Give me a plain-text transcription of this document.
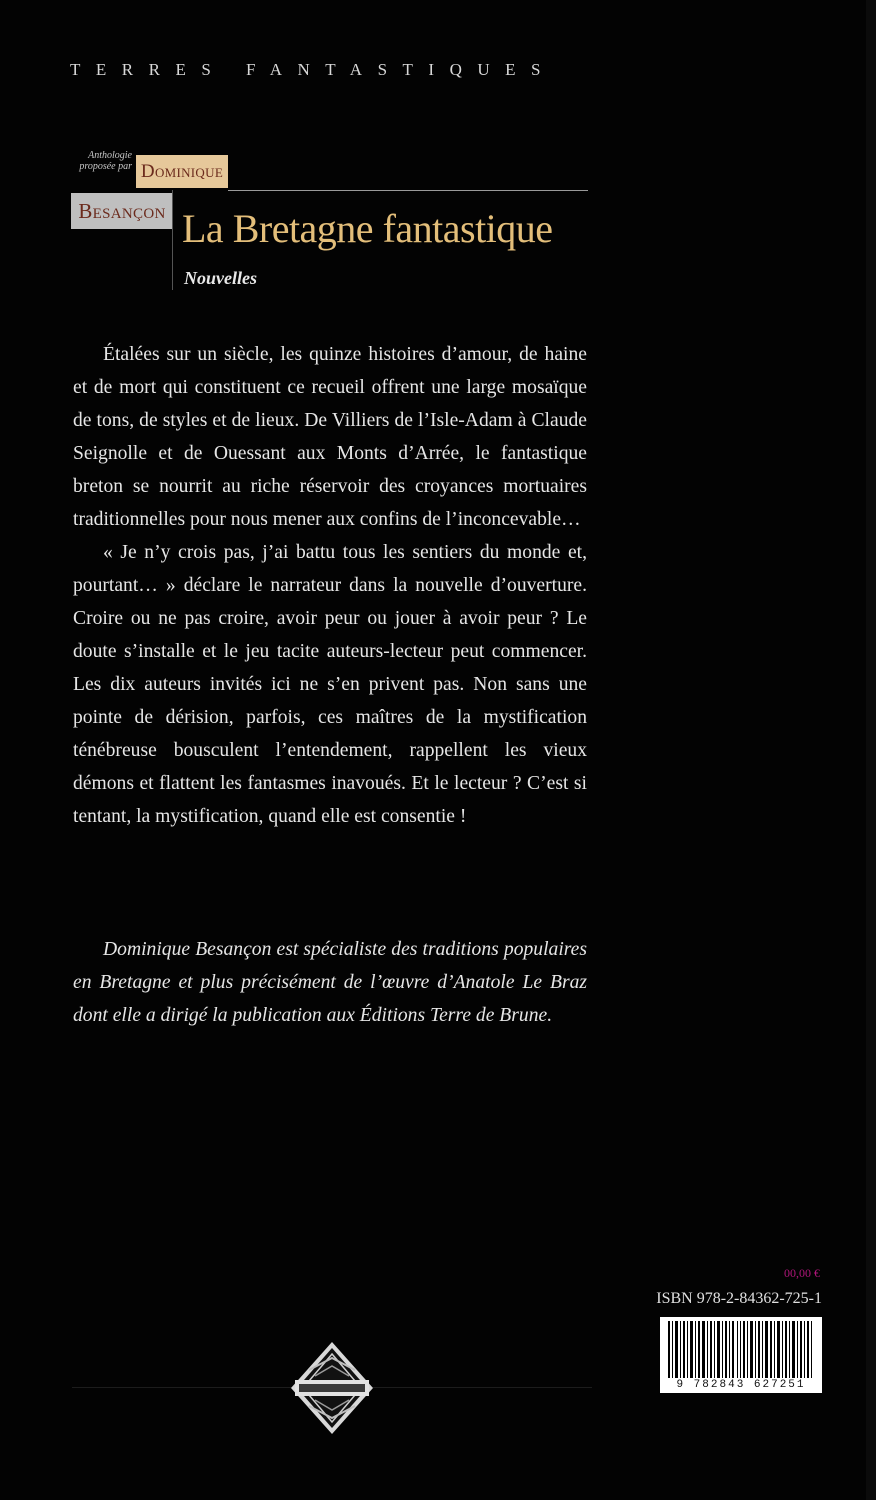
TERRES FANTASTIQUES
Anthologie
proposée par Dominique
Besançon La Bretagne fantastique
Nouvelles

Étalées sur un siècle, les quinze histoires d’amour, de haine et de mort qui constituent ce recueil offrent une large mosaïque de tons, de styles et de lieux. De Villiers de l’Isle-Adam à Claude Seignolle et de Ouessant aux Monts d’Arrée, le fantastique breton se nourrit au riche réservoir des croyances mortuaires traditionnelles pour nous mener aux confins de l’inconcevable…

« Je n’y crois pas, j’ai battu tous les sentiers du monde et, pourtant… » déclare le narrateur dans la nouvelle d’ouverture. Croire ou ne pas croire, avoir peur ou jouer à avoir peur ? Le doute s’installe et le jeu tacite auteurs-lecteur peut commencer. Les dix auteurs invités ici ne s’en privent pas. Non sans une pointe de dérision, parfois, ces maîtres de la mystification ténébreuse bousculent l’entendement, rappellent les vieux démons et flattent les fantasmes inavoués. Et le lecteur ? C’est si tentant, la mystification, quand elle est consentie !

Dominique Besançon est spécialiste des traditions populaires en Bretagne et plus précisément de l’œuvre d’Anatole Le Braz dont elle a dirigé la publication aux Éditions Terre de Brune.

00,00 €
ISBN 978-2-84362-725-1
9 782843 627251
